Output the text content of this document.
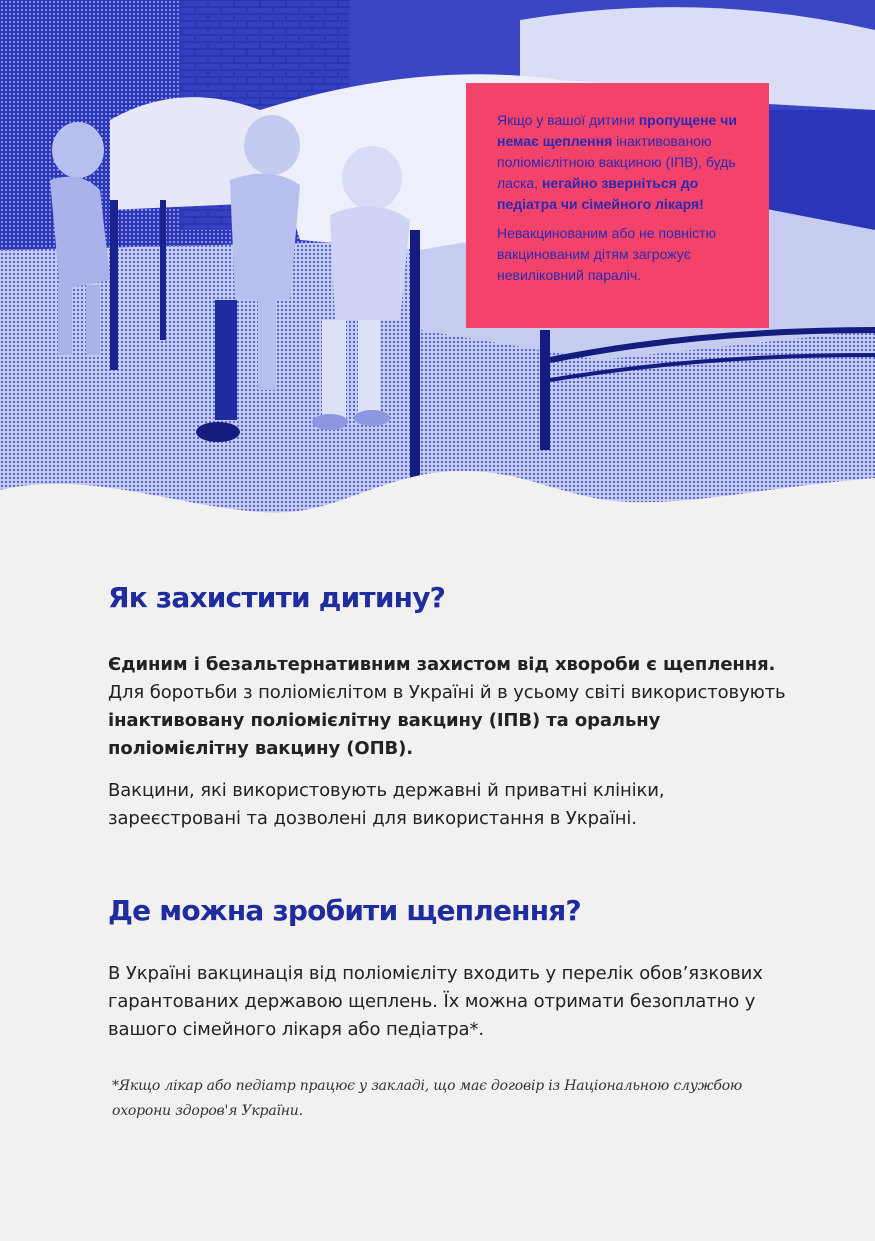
Якщо у вашої дитини пропущене чи немає щеплення інактивованою поліомієлітною вакциною (ІПВ), будь ласка, негайно зверніться до педіатра чи сімейного лікаря!

Невакцинованим або не повністю вакцинованим дітям загрожує невиліковний параліч.

Як захистити дитину?

Єдиним і безальтернативним захистом від хвороби є щеплення. Для боротьби з поліомієлітом в Україні й в усьому світі використовують інактивовану поліомієлітну вакцину (ІПВ) та оральну поліомієлітну вакцину (ОПВ).

Вакцини, які використовують державні й приватні клініки, зареєстровані та дозволені для використання в Україні.

Де можна зробити щеплення?

В Україні вакцинація від поліомієліту входить у перелік обов’язкових гарантованих державою щеплень. Їх можна отримати безоплатно у вашого сімейного лікаря або педіатра*.

*Якщо лікар або педіатр працює у закладі, що має договір із Національною службою охорони здоров'я України.
